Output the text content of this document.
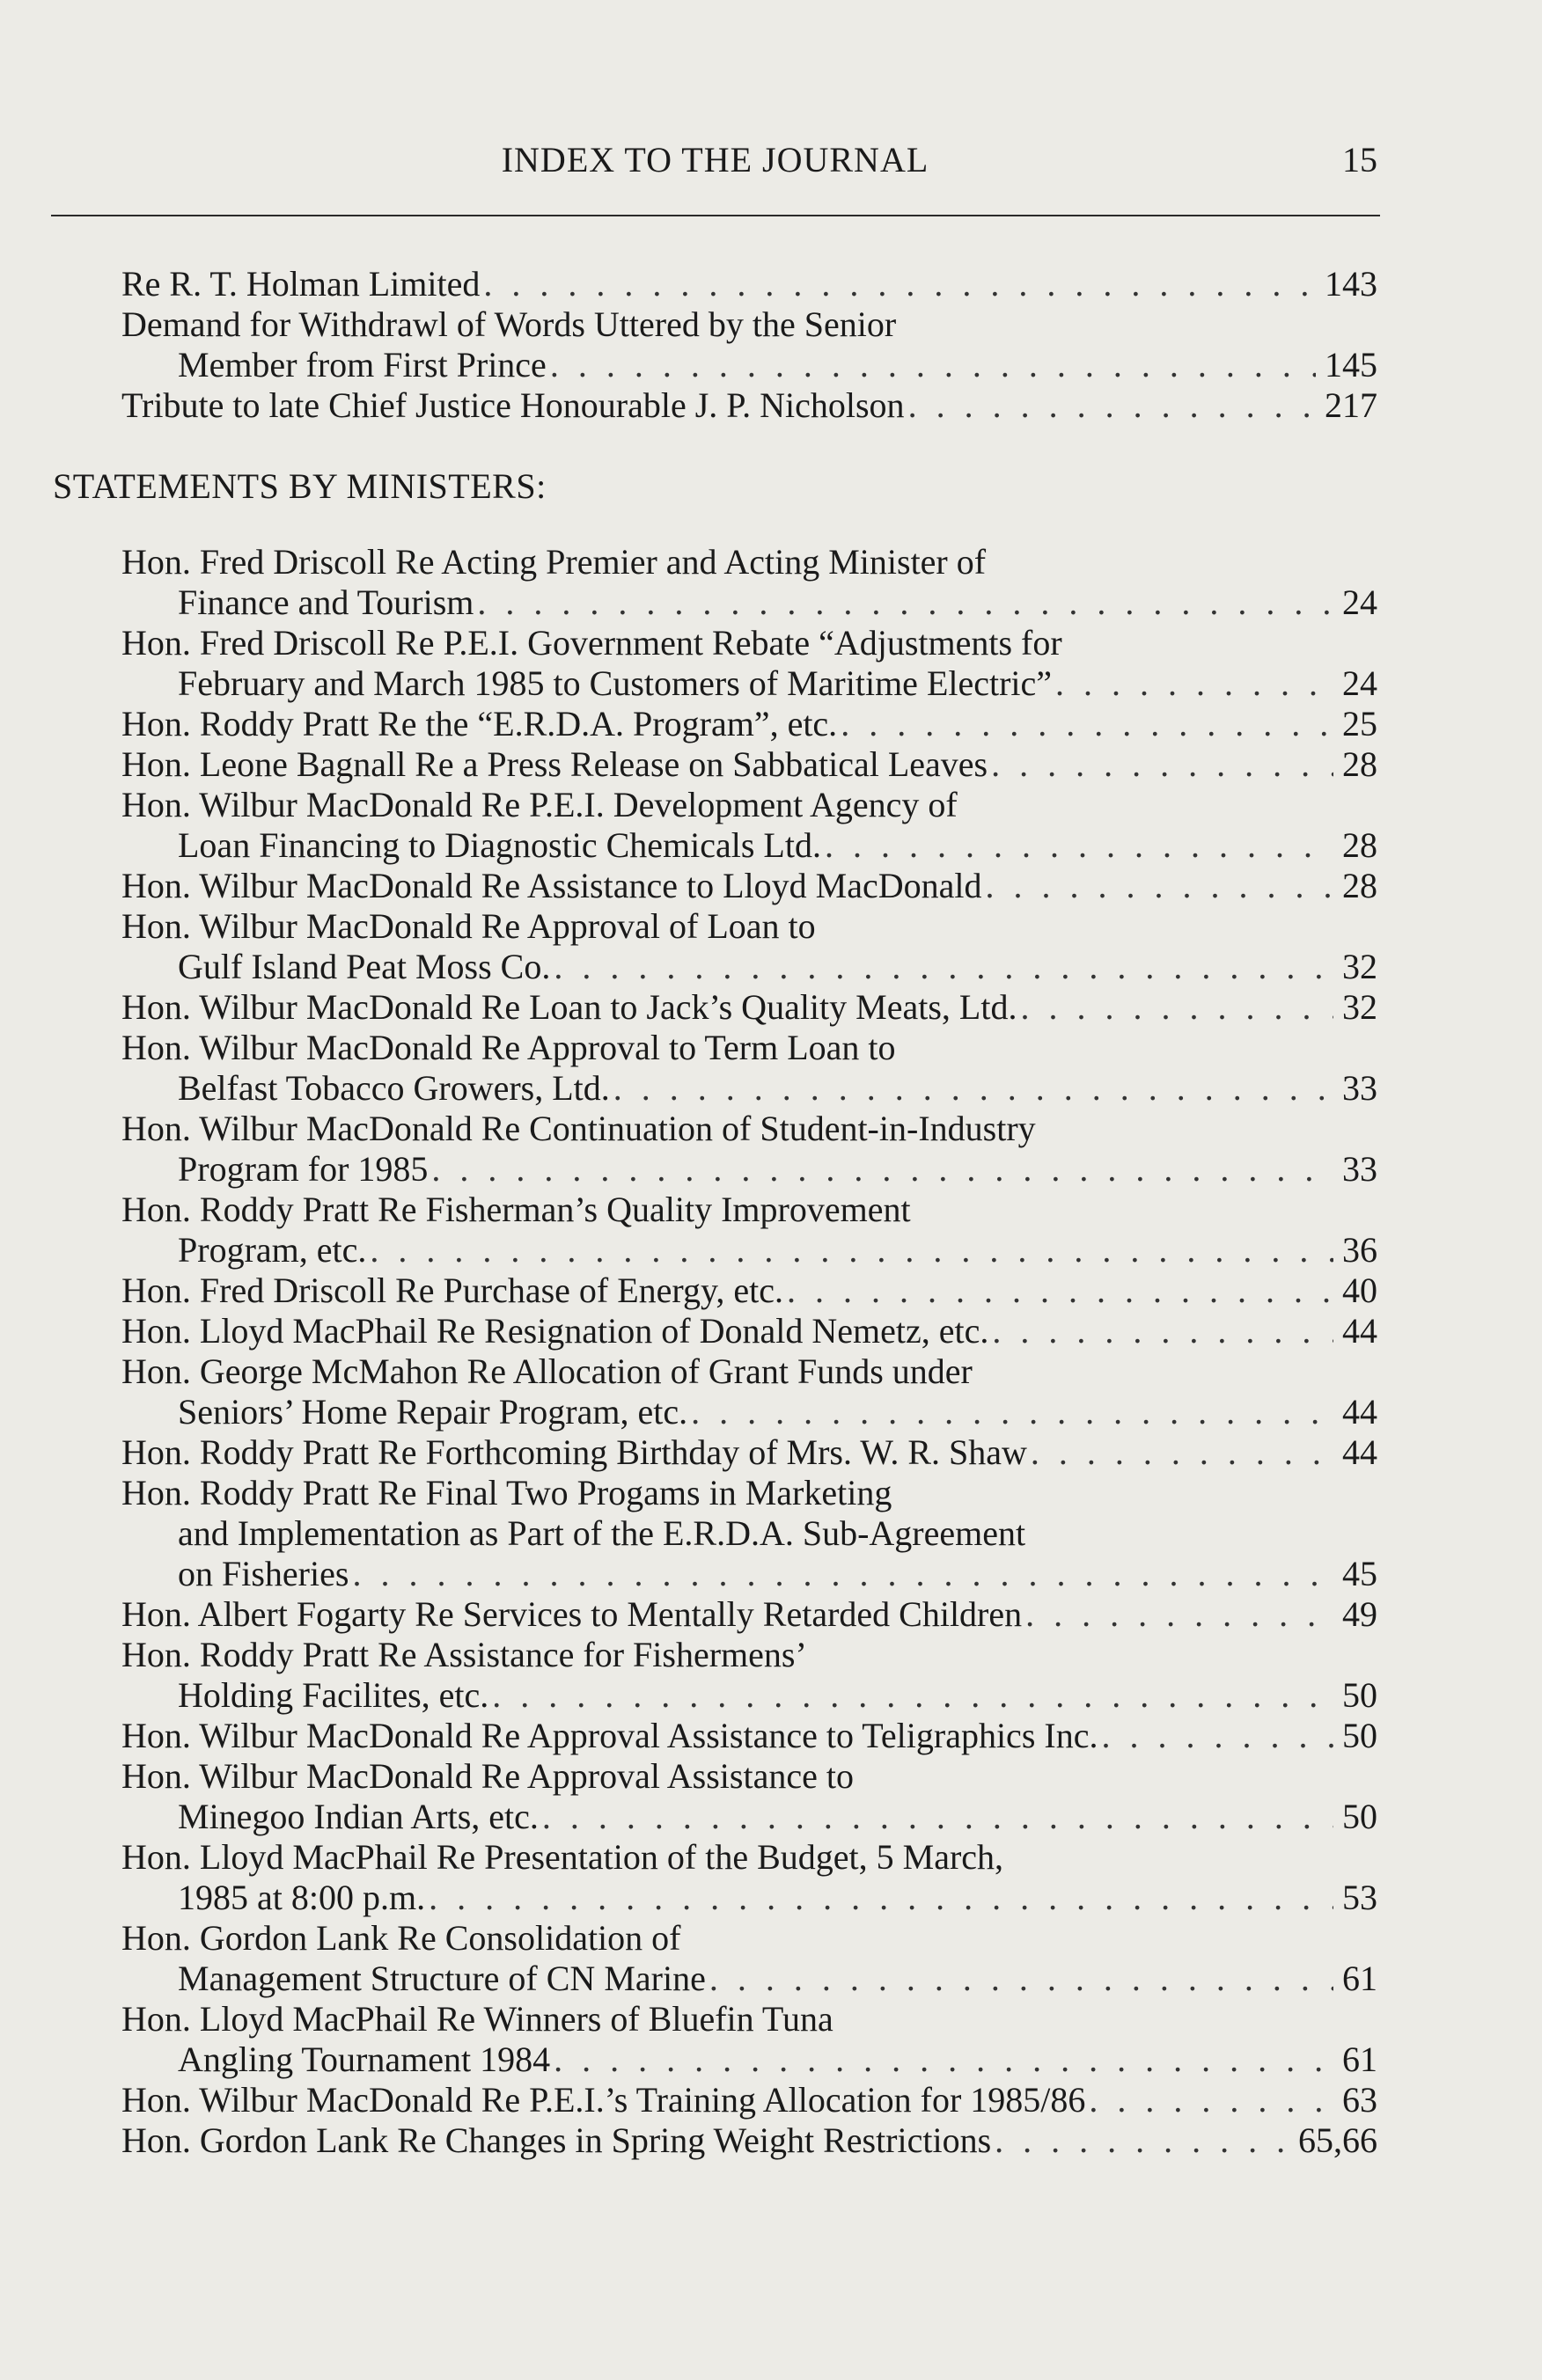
INDEX TO THE JOURNAL	15
Re R. T. Holman Limited . . .	143
Demand for Withdrawl of Words Uttered by the Senior
Member from First Prince . . .	145
Tribute to late Chief Justice Honourable J. P. Nicholson . . .	217
STATEMENTS BY MINISTERS:
Hon. Fred Driscoll Re Acting Premier and Acting Minister of
Finance and Tourism . . .	24
Hon. Fred Driscoll Re P.E.I. Government Rebate “Adjustments for
February and March 1985 to Customers of Maritime Electric” . . .	24
Hon. Roddy Pratt Re the “E.R.D.A. Program”, etc. . . .	25
Hon. Leone Bagnall Re a Press Release on Sabbatical Leaves . . .	28
Hon. Wilbur MacDonald Re P.E.I. Development Agency of
Loan Financing to Diagnostic Chemicals Ltd. . . .	28
Hon. Wilbur MacDonald Re Assistance to Lloyd MacDonald . . .	28
Hon. Wilbur MacDonald Re Approval of Loan to
Gulf Island Peat Moss Co. . . .	32
Hon. Wilbur MacDonald Re Loan to Jack’s Quality Meats, Ltd. . . .	32
Hon. Wilbur MacDonald Re Approval to Term Loan to
Belfast Tobacco Growers, Ltd. . . .	33
Hon. Wilbur MacDonald Re Continuation of Student-in-Industry
Program for 1985 . . .	33
Hon. Roddy Pratt Re Fisherman’s Quality Improvement
Program, etc. . . .	36
Hon. Fred Driscoll Re Purchase of Energy, etc. . . .	40
Hon. Lloyd MacPhail Re Resignation of Donald Nemetz, etc. . . .	44
Hon. George McMahon Re Allocation of Grant Funds under
Seniors’ Home Repair Program, etc. . . .	44
Hon. Roddy Pratt Re Forthcoming Birthday of Mrs. W. R. Shaw . . .	44
Hon. Roddy Pratt Re Final Two Progams in Marketing
and Implementation as Part of the E.R.D.A. Sub-Agreement
on Fisheries . . .	45
Hon. Albert Fogarty Re Services to Mentally Retarded Children . . .	49
Hon. Roddy Pratt Re Assistance for Fishermens’
Holding Facilites, etc. . . .	50
Hon. Wilbur MacDonald Re Approval Assistance to Teligraphics Inc. . . .	50
Hon. Wilbur MacDonald Re Approval Assistance to
Minegoo Indian Arts, etc. . . .	50
Hon. Lloyd MacPhail Re Presentation of the Budget, 5 March,
1985 at 8:00 p.m. . . .	53
Hon. Gordon Lank Re Consolidation of
Management Structure of CN Marine . . .	61
Hon. Lloyd MacPhail Re Winners of Bluefin Tuna
Angling Tournament 1984 . . .	61
Hon. Wilbur MacDonald Re P.E.I.’s Training Allocation for 1985/86 . . .	63
Hon. Gordon Lank Re Changes in Spring Weight Restrictions . . .	65,66
